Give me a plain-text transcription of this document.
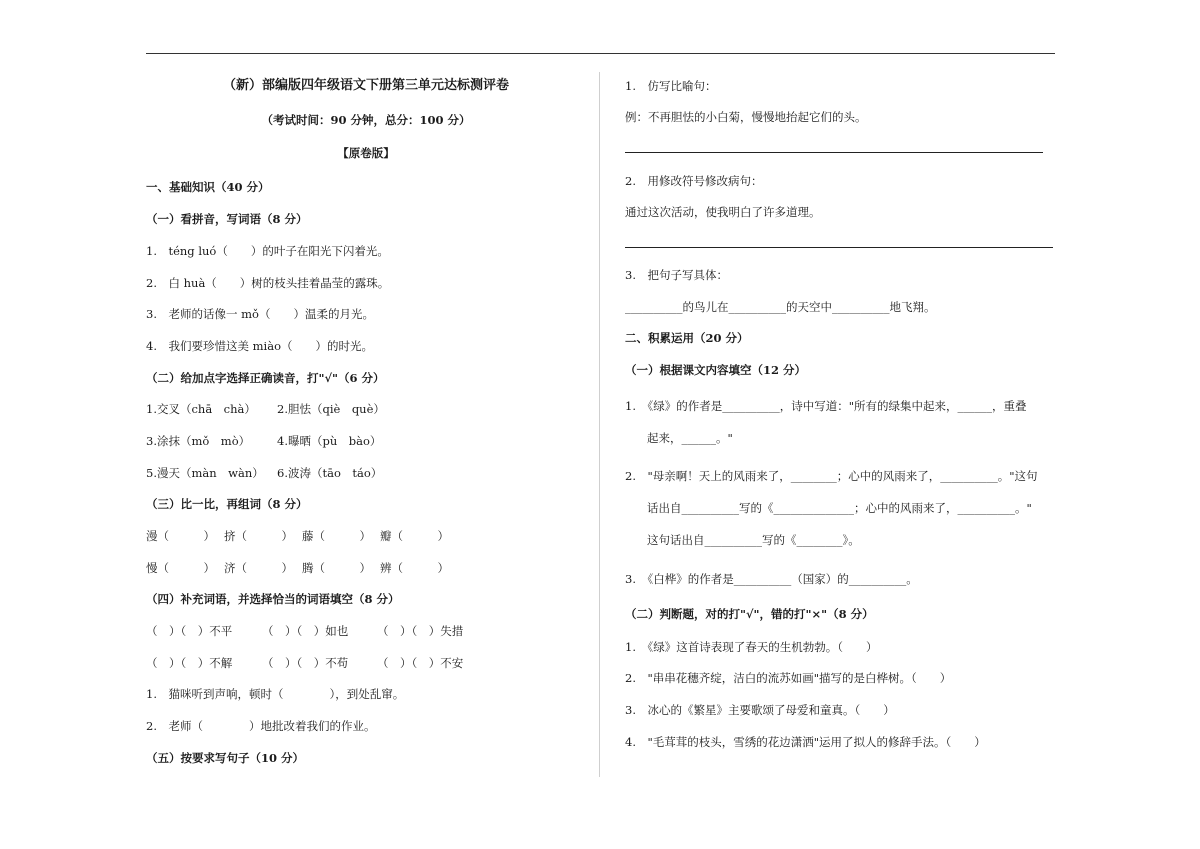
（新）部编版四年级语文下册第三单元达标测评卷
（考试时间：90 分钟，总分：100 分）
【原卷版】
一、基础知识（40 分）
（一）看拼音，写词语（8 分）
1.　téng luó（　　）的叶子在阳光下闪着光。
2.　白 huà（　　）树的枝头挂着晶莹的露珠。
3.　老师的话像一 mǒ（　　）温柔的月光。
4.　我们要珍惜这美 miào（　　）的时光。
（二）给加点字选择正确读音，打"√"（6 分）
1.交叉（chā　chà） 2.胆怯（qiè　què）
3.涂抹（mǒ　mò） 4.曝晒（pù　bào）
5.漫天（màn　wàn） 6.波涛（tāo　táo）
（三）比一比，再组词（8 分）
漫（　　　） 挤（　　　） 藤（　　　） 瓣（　　　）
慢（　　　） 济（　　　） 腾（　　　） 辨（　　　）
（四）补充词语，并选择恰当的词语填空（8 分）
（　）（　）不平	（　）（　）如也	（　）（　）失措
（　）（　）不解	（　）（　）不苟	（　）（　）不安
1.　猫咪听到声响，顿时（　　　　），到处乱窜。
2.　老师（　　　　）地批改着我们的作业。
（五）按要求写句子（10 分）
1.　仿写比喻句：
例：不再胆怯的小白菊，慢慢地抬起它们的头。
2.　用修改符号修改病句：
通过这次活动，使我明白了许多道理。
3.　把句子写具体：
__________的鸟儿在__________的天空中__________地飞翔。
二、积累运用（20 分）
（一）根据课文内容填空（12 分）
1.　《绿》的作者是__________，诗中写道："所有的绿集中起来，______，重叠
起来，______。"
2.　"母亲啊！天上的风雨来了，________；心中的风雨来了，__________。"这句
话出自__________写的《______________；心中的风雨来了，__________。"
这句话出自__________写的《________》。
3.　《白桦》的作者是__________（国家）的__________。
（二）判断题，对的打"√"，错的打"×"（8 分）
1.　《绿》这首诗表现了春天的生机勃勃。（　　）
2.　"串串花穗齐绽，洁白的流苏如画"描写的是白桦树。（　　）
3.　冰心的《繁星》主要歌颂了母爱和童真。（　　）
4.　"毛茸茸的枝头，雪绣的花边潇洒"运用了拟人的修辞手法。（　　）
